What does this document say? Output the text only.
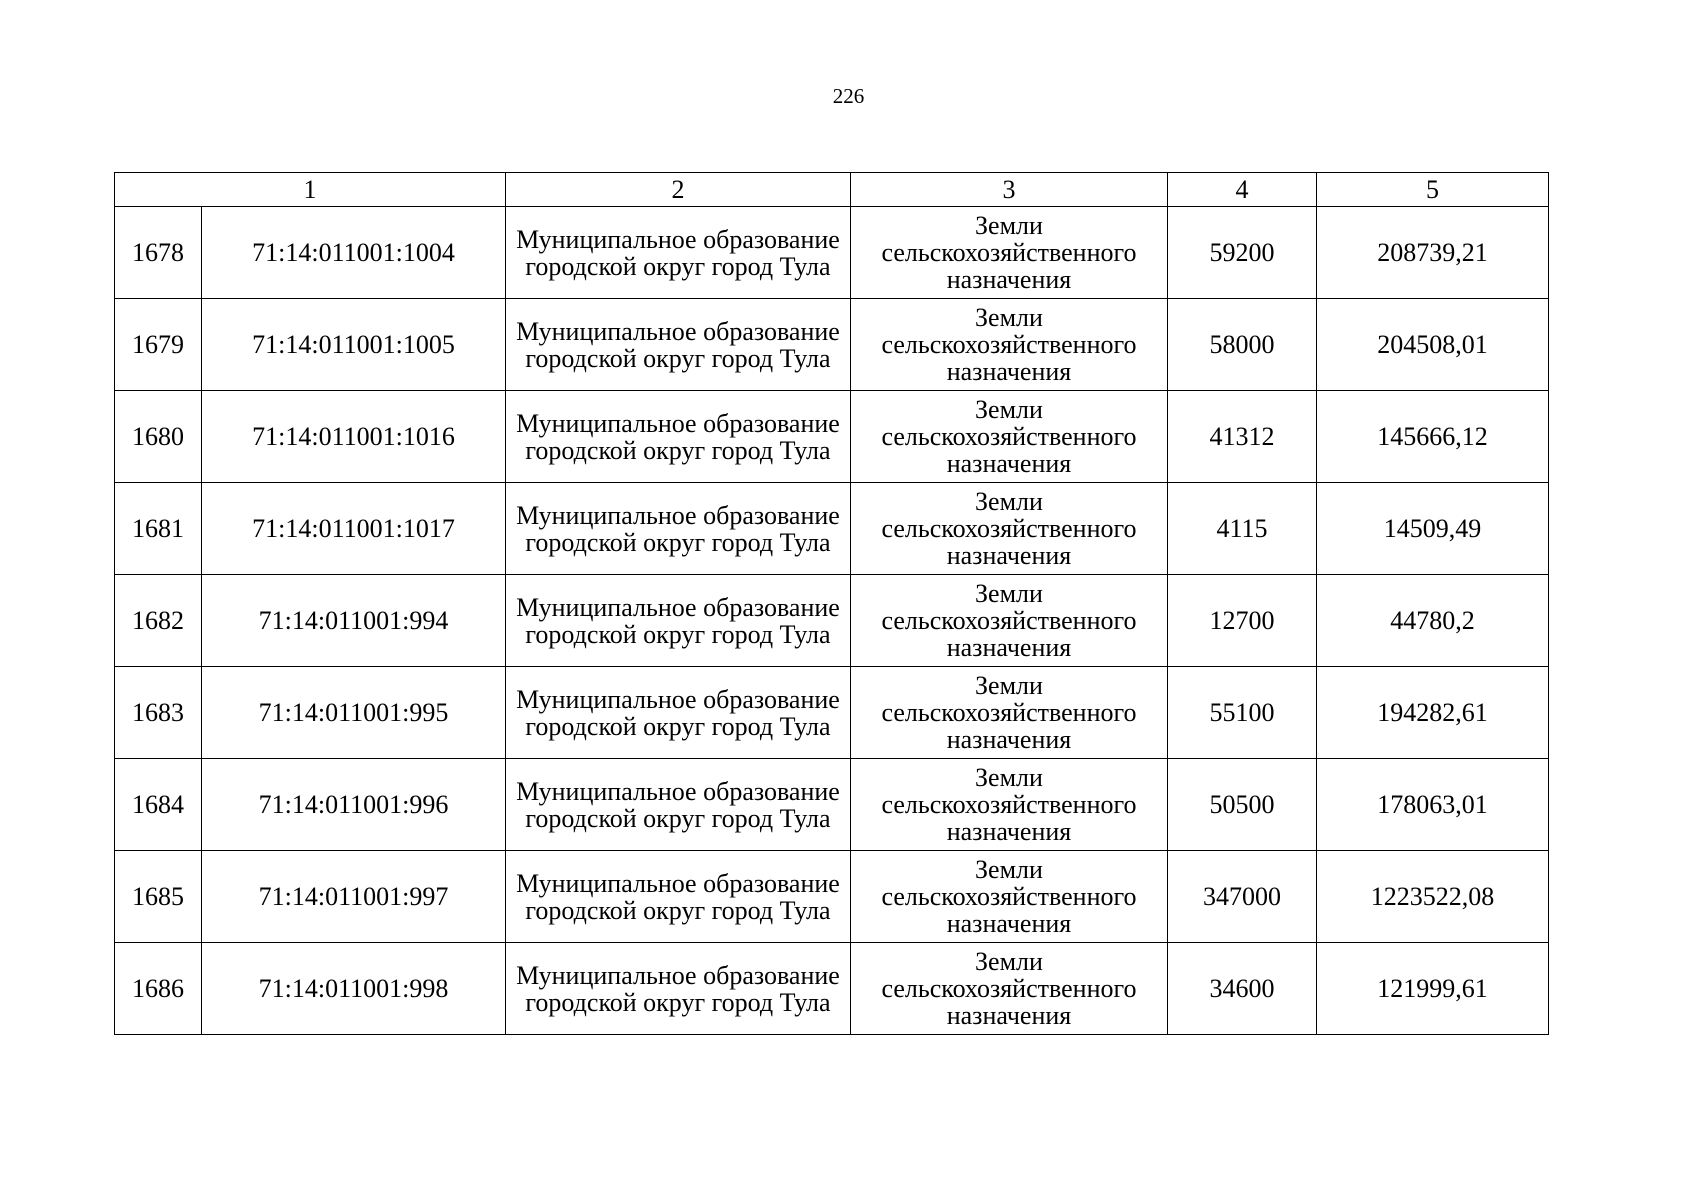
226
1		2	3	4	5
1678	71:14:011001:1004	Муниципальное образование городской округ город Тула	Земли сельскохозяйственного назначения	59200	208739,21
1679	71:14:011001:1005	Муниципальное образование городской округ город Тула	Земли сельскохозяйственного назначения	58000	204508,01
1680	71:14:011001:1016	Муниципальное образование городской округ город Тула	Земли сельскохозяйственного назначения	41312	145666,12
1681	71:14:011001:1017	Муниципальное образование городской округ город Тула	Земли сельскохозяйственного назначения	4115	14509,49
1682	71:14:011001:994	Муниципальное образование городской округ город Тула	Земли сельскохозяйственного назначения	12700	44780,2
1683	71:14:011001:995	Муниципальное образование городской округ город Тула	Земли сельскохозяйственного назначения	55100	194282,61
1684	71:14:011001:996	Муниципальное образование городской округ город Тула	Земли сельскохозяйственного назначения	50500	178063,01
1685	71:14:011001:997	Муниципальное образование городской округ город Тула	Земли сельскохозяйственного назначения	347000	1223522,08
1686	71:14:011001:998	Муниципальное образование городской округ город Тула	Земли сельскохозяйственного назначения	34600	121999,61
